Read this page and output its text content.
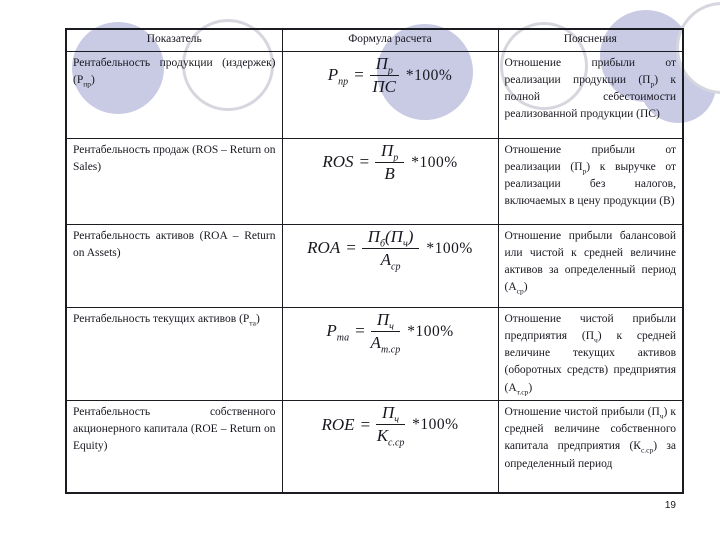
Показатель	Формула расчета	Пояснения
Рентабельность продукции (издержек) $(Р_{пр})$	$Р_{пр} = \frac{П_р}{ПС} *100\%$	Отношение прибыли от реализации продукции $(П_р)$ к полной себестоимости реализованной продукции (ПС)
Рентабельность продаж (ROS – Return on Sales)	ROS = $\frac{П_р}{В} *100\%$	Отношение прибыли от реализации $(П_р)$ к выручке от реализации без налогов, включаемых в цену продукции (В)
Рентабельность активов (ROA – Return on Assets)	ROA = $\frac{П_б(П_ч)}{А_{ср}} *100\%$	Отношение прибыли балансовой или чистой к средней величине активов за определенный период $(А_{ср})$
Рентабельность текущих активов $(Р_{та})$	$Р_{та} = \frac{П_ч}{А_{т.ср}} *100\%$	Отношение чистой прибыли предприятия $(П_ч)$ к средней величине текущих активов (оборотных средств) предприятия $(А_{т.ср})$
Рентабельность собственного акционерного капитала (ROE – Return on Equity)	ROE = $\frac{П_ч}{К_{с.ср}} *100\%$	Отношение чистой прибыли $(П_ч)$ к средней величине собственного капитала предприятия $(К_{с.ср})$ за определенный период
19
